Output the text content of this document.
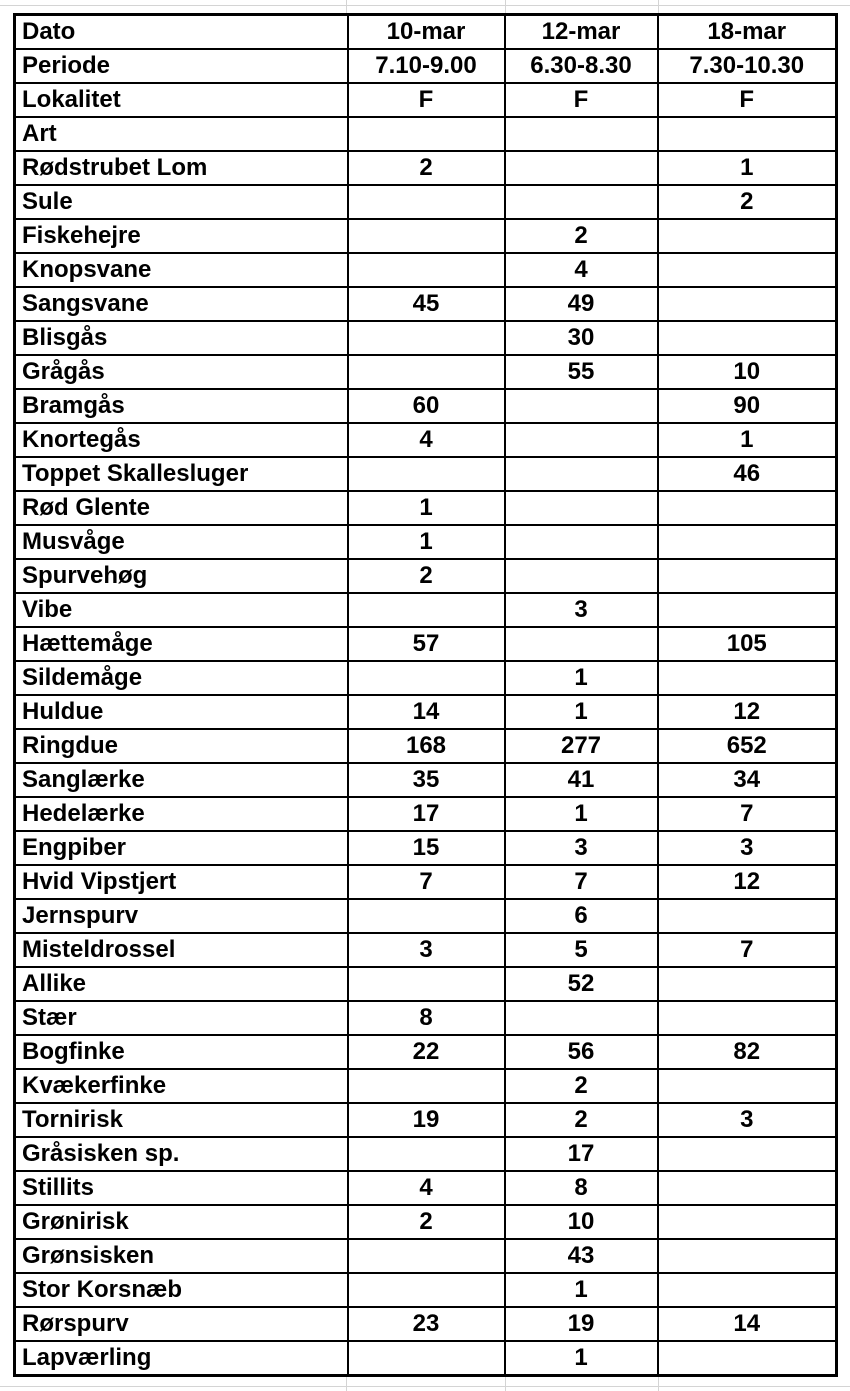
Dato	10-mar	12-mar	18-mar
Periode	7.10-9.00	6.30-8.30	7.30-10.30
Lokalitet	F	F	F
Art			
Rødstrubet Lom	2		1
Sule			2
Fiskehejre		2	
Knopsvane		4	
Sangsvane	45	49	
Blisgås		30	
Grågås		55	10
Bramgås	60		90
Knortegås	4		1
Toppet Skallesluger			46
Rød Glente	1		
Musvåge	1		
Spurvehøg	2		
Vibe		3	
Hættemåge	57		105
Sildemåge		1	
Huldue	14	1	12
Ringdue	168	277	652
Sanglærke	35	41	34
Hedelærke	17	1	7
Engpiber	15	3	3
Hvid Vipstjert	7	7	12
Jernspurv		6	
Misteldrossel	3	5	7
Allike		52	
Stær	8		
Bogfinke	22	56	82
Kvækerfinke		2	
Tornirisk	19	2	3
Gråsisken sp.		17	
Stillits	4	8	
Grønirisk	2	10	
Grønsisken		43	
Stor Korsnæb		1	
Rørspurv	23	19	14
Lapværling		1	
